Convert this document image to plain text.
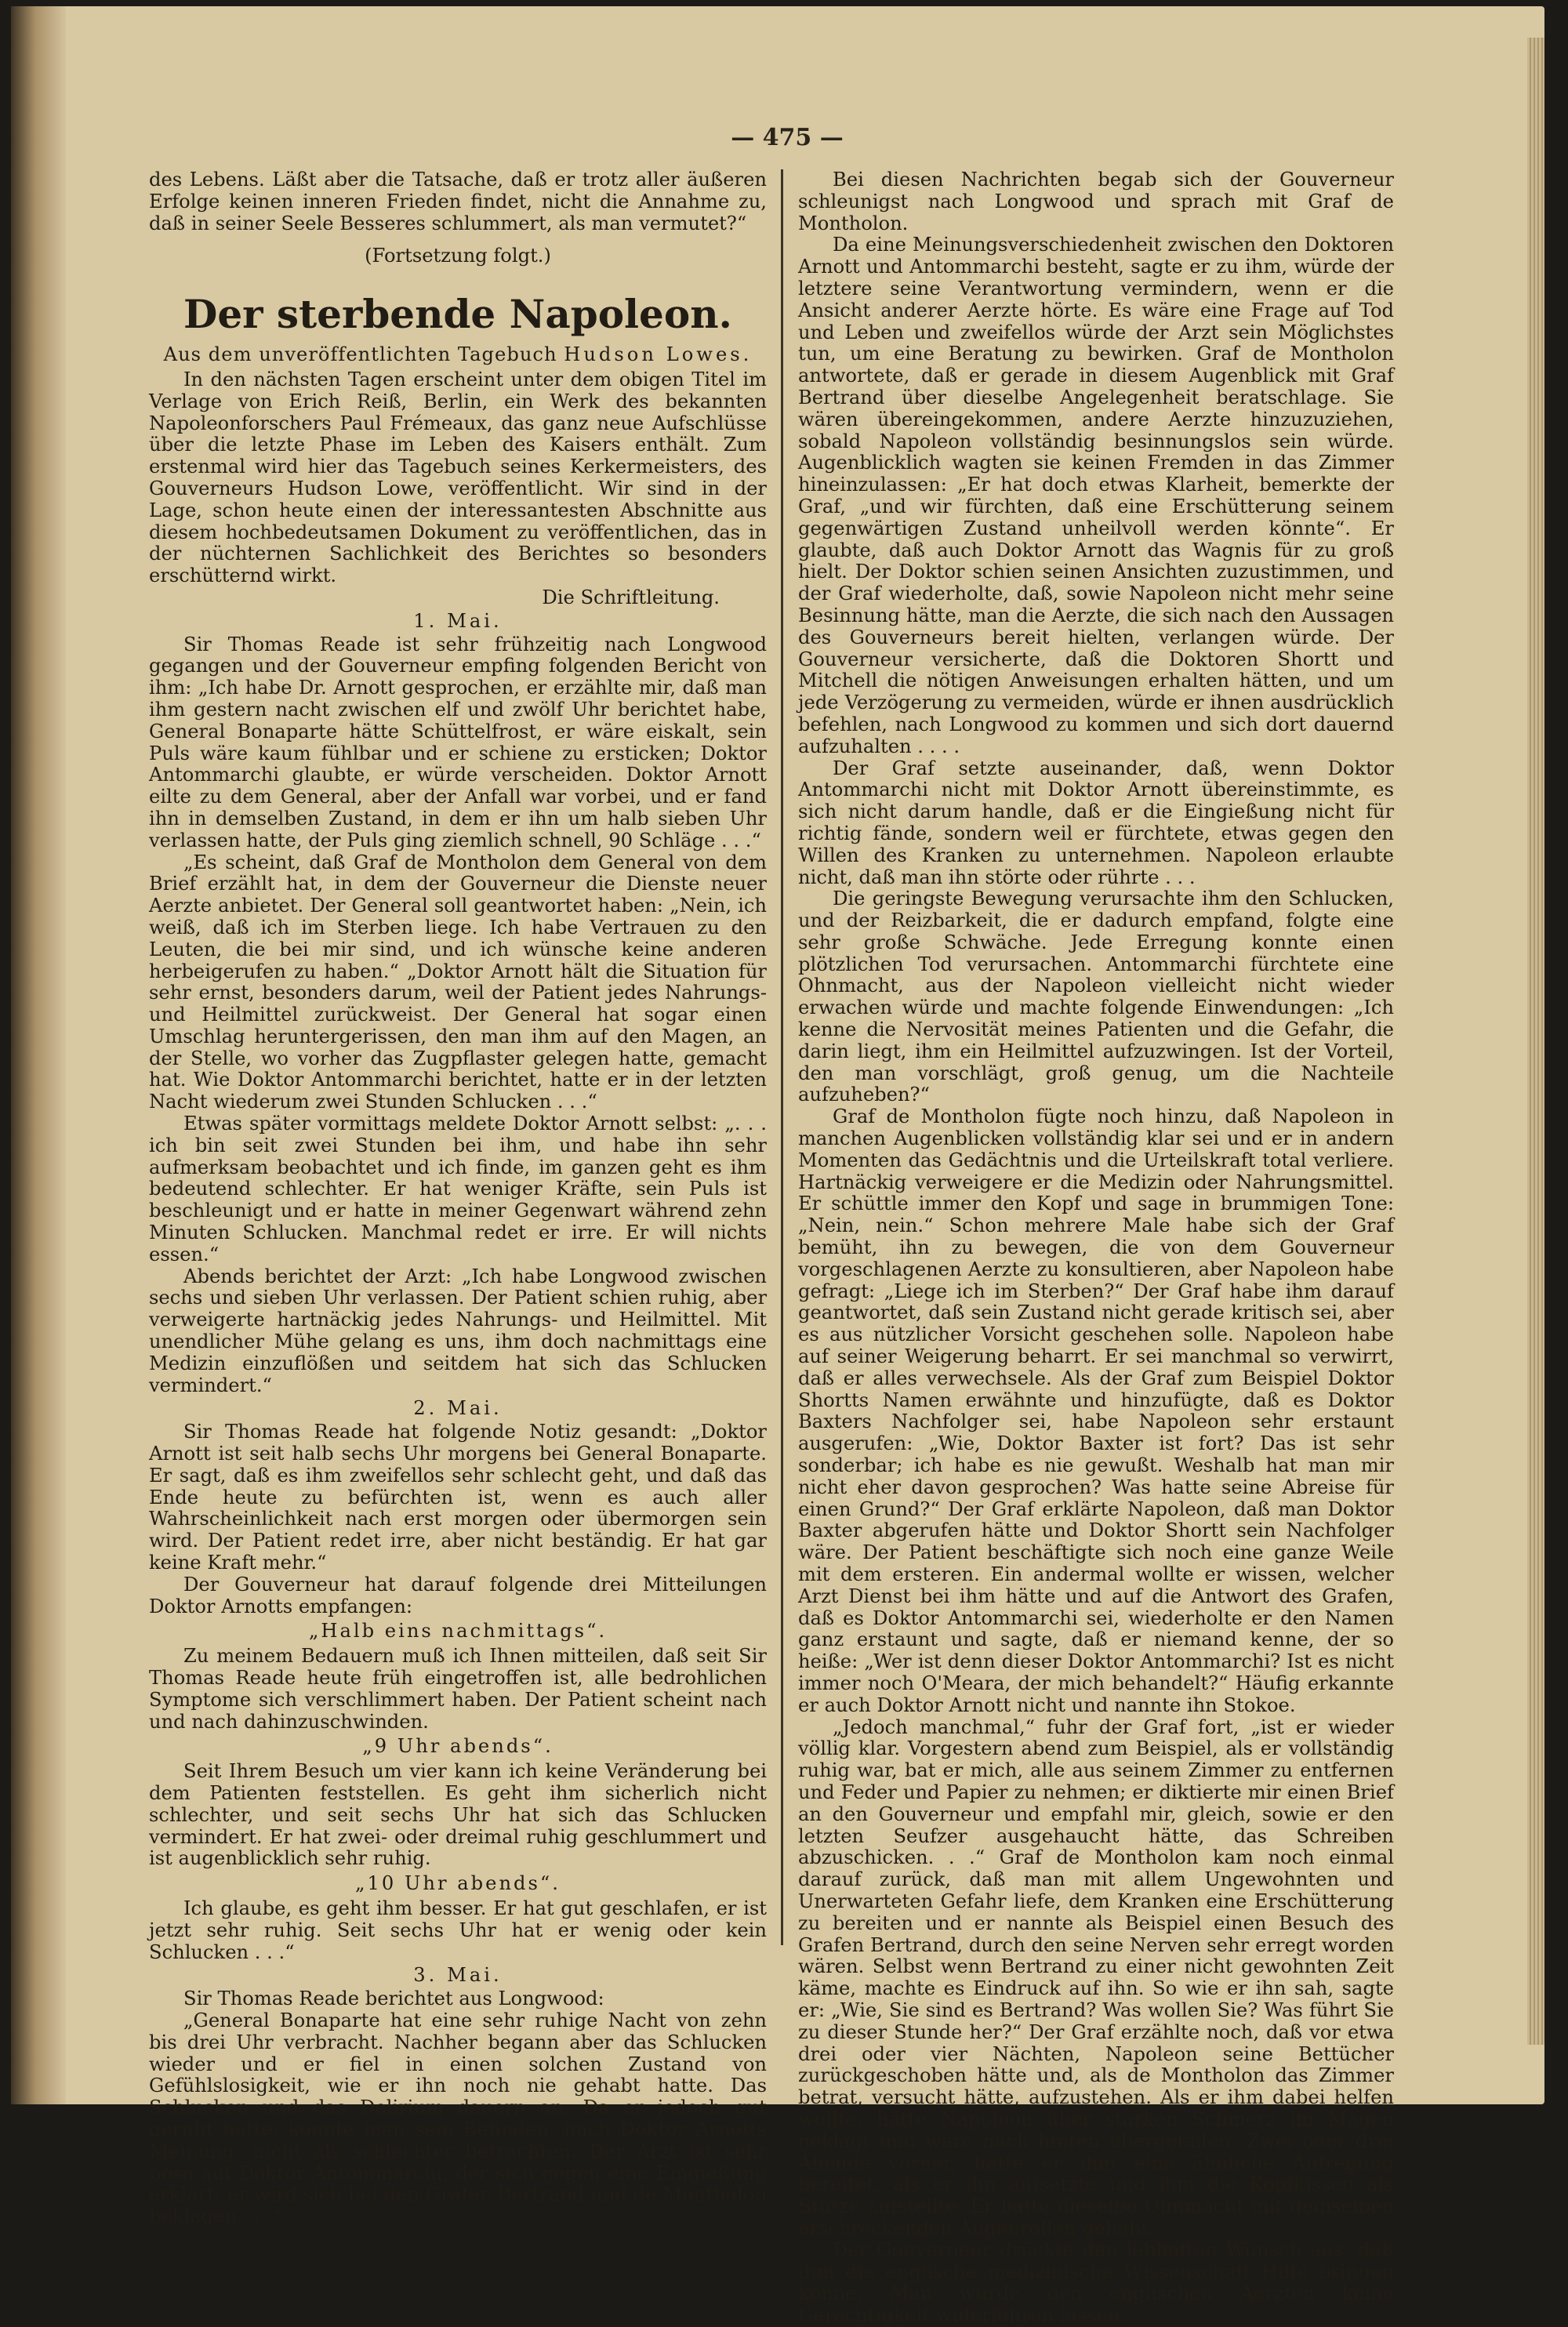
— 475 —

des Lebens. Läßt aber die Tatsache, daß er trotz aller äußeren Erfolge keinen inneren Frieden findet, nicht die Annahme zu, daß in seiner Seele Besseres schlummert, als man vermutet?“

(Fortsetzung folgt.)

Der sterbende Napoleon.
Aus dem unveröffentlichten Tagebuch Hudson Lowes.

In den nächsten Tagen erscheint unter dem obigen Titel im Verlage von Erich Reiß, Berlin, ein Werk des bekannten Napoleonforschers Paul Frémeaux, das ganz neue Aufschlüsse über die letzte Phase im Leben des Kaisers enthält. Zum erstenmal wird hier das Tagebuch seines Kerkermeisters, des Gouverneurs Hudson Lowe, veröffentlicht. Wir sind in der Lage, schon heute einen der interessantesten Abschnitte aus diesem hochbedeutsamen Dokument zu veröffentlichen, das in der nüchternen Sachlichkeit des Berichtes so besonders erschütternd wirkt.

Die Schriftleitung.

1. Mai.

Sir Thomas Reade ist sehr frühzeitig nach Longwood gegangen und der Gouverneur empfing folgenden Bericht von ihm: „Ich habe Dr. Arnott gesprochen, er erzählte mir, daß man ihm gestern nacht zwischen elf und zwölf Uhr berichtet habe, General Bonaparte hätte Schüttelfrost, er wäre eiskalt, sein Puls wäre kaum fühlbar und er schiene zu ersticken; Doktor Antommarchi glaubte, er würde verscheiden. Doktor Arnott eilte zu dem General, aber der Anfall war vorbei, und er fand ihn in demselben Zustand, in dem er ihn um halb sieben Uhr verlassen hatte, der Puls ging ziemlich schnell, 90 Schläge . . .“

„Es scheint, daß Graf de Montholon dem General von dem Brief erzählt hat, in dem der Gouverneur die Dienste neuer Aerzte anbietet. Der General soll geantwortet haben: „Nein, ich weiß, daß ich im Sterben liege. Ich habe Vertrauen zu den Leuten, die bei mir sind, und ich wünsche keine anderen herbeigerufen zu haben.“ „Doktor Arnott hält die Situation für sehr ernst, besonders darum, weil der Patient jedes Nahrungs- und Heilmittel zurückweist. Der General hat sogar einen Umschlag heruntergerissen, den man ihm auf den Magen, an der Stelle, wo vorher das Zugpflaster gelegen hatte, gemacht hat. Wie Doktor Antommarchi berichtet, hatte er in der letzten Nacht wiederum zwei Stunden Schlucken . . .“

Etwas später vormittags meldete Doktor Arnott selbst: „. . . ich bin seit zwei Stunden bei ihm, und habe ihn sehr aufmerksam beobachtet und ich finde, im ganzen geht es ihm bedeutend schlechter. Er hat weniger Kräfte, sein Puls ist beschleunigt und er hatte in meiner Gegenwart während zehn Minuten Schlucken. Manchmal redet er irre. Er will nichts essen.“

Abends berichtet der Arzt: „Ich habe Longwood zwischen sechs und sieben Uhr verlassen. Der Patient schien ruhig, aber verweigerte hartnäckig jedes Nahrungs- und Heilmittel. Mit unendlicher Mühe gelang es uns, ihm doch nachmittags eine Medizin einzuflößen und seitdem hat sich das Schlucken vermindert.“

2. Mai.

Sir Thomas Reade hat folgende Notiz gesandt: „Doktor Arnott ist seit halb sechs Uhr morgens bei General Bonaparte. Er sagt, daß es ihm zweifellos sehr schlecht geht, und daß das Ende heute zu befürchten ist, wenn es auch aller Wahrscheinlichkeit nach erst morgen oder übermorgen sein wird. Der Patient redet irre, aber nicht beständig. Er hat gar keine Kraft mehr.“

Der Gouverneur hat darauf folgende drei Mitteilungen Doktor Arnotts empfangen:

„Halb eins nachmittags“.

Zu meinem Bedauern muß ich Ihnen mitteilen, daß seit Sir Thomas Reade heute früh eingetroffen ist, alle bedrohlichen Symptome sich verschlimmert haben. Der Patient scheint nach und nach dahinzuschwinden.

„9 Uhr abends“.

Seit Ihrem Besuch um vier kann ich keine Veränderung bei dem Patienten feststellen. Es geht ihm sicherlich nicht schlechter, und seit sechs Uhr hat sich das Schlucken vermindert. Er hat zwei- oder dreimal ruhig geschlummert und ist augenblicklich sehr ruhig.

„10 Uhr abends“.

Ich glaube, es geht ihm besser. Er hat gut geschlafen, er ist jetzt sehr ruhig. Seit sechs Uhr hat er wenig oder kein Schlucken . . .“

3. Mai.

Sir Thomas Reade berichtet aus Longwood:

„General Bonaparte hat eine sehr ruhige Nacht von zehn bis drei Uhr verbracht. Nachher begann aber das Schlucken wieder und er fiel in einen solchen Zustand von Gefühlslosigkeit, wie er ihn noch nie gehabt hatte. Das Schlucken und das Delirium dauern an. Da er jedoch gut geruht hatte, konnte man sein Befinden, nach Doktor Arnotts Meinung, nicht als schlechter betrachten. Der Arzt ist sehr böse auf Doktor Antommarchi, der sich gegen eine Eingießung erklärt: er wird sich bei den Grafen Bertrand und de Montholon beklagen . . .“

Bei diesen Nachrichten begab sich der Gouverneur schleunigst nach Longwood und sprach mit Graf de Montholon.

Da eine Meinungsverschiedenheit zwischen den Doktoren Arnott und Antommarchi besteht, sagte er zu ihm, würde der letztere seine Verantwortung vermindern, wenn er die Ansicht anderer Aerzte hörte. Es wäre eine Frage auf Tod und Leben und zweifellos würde der Arzt sein Möglichstes tun, um eine Beratung zu bewirken. Graf de Montholon antwortete, daß er gerade in diesem Augenblick mit Graf Bertrand über dieselbe Angelegenheit beratschlage. Sie wären übereingekommen, andere Aerzte hinzuzuziehen, sobald Napoleon vollständig besinnungslos sein würde. Augenblicklich wagten sie keinen Fremden in das Zimmer hineinzulassen: „Er hat doch etwas Klarheit, bemerkte der Graf, „und wir fürchten, daß eine Erschütterung seinem gegenwärtigen Zustand unheilvoll werden könnte“. Er glaubte, daß auch Doktor Arnott das Wagnis für zu groß hielt. Der Doktor schien seinen Ansichten zuzustimmen, und der Graf wiederholte, daß, sowie Napoleon nicht mehr seine Besinnung hätte, man die Aerzte, die sich nach den Aussagen des Gouverneurs bereit hielten, verlangen würde. Der Gouverneur versicherte, daß die Doktoren Shortt und Mitchell die nötigen Anweisungen erhalten hätten, und um jede Verzögerung zu vermeiden, würde er ihnen ausdrücklich befehlen, nach Longwood zu kommen und sich dort dauernd aufzuhalten . . . .

Der Graf setzte auseinander, daß, wenn Doktor Antommarchi nicht mit Doktor Arnott übereinstimmte, es sich nicht darum handle, daß er die Eingießung nicht für richtig fände, sondern weil er fürchtete, etwas gegen den Willen des Kranken zu unternehmen. Napoleon erlaubte nicht, daß man ihn störte oder rührte . . .

Die geringste Bewegung verursachte ihm den Schlucken, und der Reizbarkeit, die er dadurch empfand, folgte eine sehr große Schwäche. Jede Erregung konnte einen plötzlichen Tod verursachen. Antommarchi fürchtete eine Ohnmacht, aus der Napoleon vielleicht nicht wieder erwachen würde und machte folgende Einwendungen: „Ich kenne die Nervosität meines Patienten und die Gefahr, die darin liegt, ihm ein Heilmittel aufzuzwingen. Ist der Vorteil, den man vorschlägt, groß genug, um die Nachteile aufzuheben?“

Graf de Montholon fügte noch hinzu, daß Napoleon in manchen Augenblicken vollständig klar sei und er in andern Momenten das Gedächtnis und die Urteilskraft total verliere. Hartnäckig verweigere er die Medizin oder Nahrungsmittel. Er schüttle immer den Kopf und sage in brummigen Tone: „Nein, nein.“ Schon mehrere Male habe sich der Graf bemüht, ihn zu bewegen, die von dem Gouverneur vorgeschlagenen Aerzte zu konsultieren, aber Napoleon habe gefragt: „Liege ich im Sterben?“ Der Graf habe ihm darauf geantwortet, daß sein Zustand nicht gerade kritisch sei, aber es aus nützlicher Vorsicht geschehen solle. Napoleon habe auf seiner Weigerung beharrt. Er sei manchmal so verwirrt, daß er alles verwechsele. Als der Graf zum Beispiel Doktor Shortts Namen erwähnte und hinzufügte, daß es Doktor Baxters Nachfolger sei, habe Napoleon sehr erstaunt ausgerufen: „Wie, Doktor Baxter ist fort? Das ist sehr sonderbar; ich habe es nie gewußt. Weshalb hat man mir nicht eher davon gesprochen? Was hatte seine Abreise für einen Grund?“ Der Graf erklärte Napoleon, daß man Doktor Baxter abgerufen hätte und Doktor Shortt sein Nachfolger wäre. Der Patient beschäftigte sich noch eine ganze Weile mit dem ersteren. Ein andermal wollte er wissen, welcher Arzt Dienst bei ihm hätte und auf die Antwort des Grafen, daß es Doktor Antommarchi sei, wiederholte er den Namen ganz erstaunt und sagte, daß er niemand kenne, der so heiße: „Wer ist denn dieser Doktor Antommarchi? Ist es nicht immer noch O'Meara, der mich behandelt?“ Häufig erkannte er auch Doktor Arnott nicht und nannte ihn Stokoe.

„Jedoch manchmal,“ fuhr der Graf fort, „ist er wieder völlig klar. Vorgestern abend zum Beispiel, als er vollständig ruhig war, bat er mich, alle aus seinem Zimmer zu entfernen und Feder und Papier zu nehmen; er diktierte mir einen Brief an den Gouverneur und empfahl mir, gleich, sowie er den letzten Seufzer ausgehaucht hätte, das Schreiben abzuschicken. . .“ Graf de Montholon kam noch einmal darauf zurück, daß man mit allem Ungewohnten und Unerwarteten Gefahr liefe, dem Kranken eine Erschütterung zu bereiten und er nannte als Beispiel einen Besuch des Grafen Bertrand, durch den seine Nerven sehr erregt worden wären. Selbst wenn Bertrand zu einer nicht gewohnten Zeit käme, machte es Eindruck auf ihn. So wie er ihn sah, sagte er: „Wie, Sie sind es Bertrand? Was wollen Sie? Was führt Sie zu dieser Stunde her?“ Der Graf erzählte noch, daß vor etwa drei oder vier Nächten, Napoleon seine Bettücher zurückgeschoben hätte und, als de Montholon das Zimmer betrat, versucht hätte, aufzustehen. Als er ihm dabei helfen wollte, hätte Napoleon über starken Schmerz im Magen geklagt und wäre nach hinten übergefallen. Zwei oder drei Abende vorher, hatte er ihm eine ähnliche Aufregung bereitet, als er ihn aufsetzte und ihm die Kopfkissen als Stütze aufstellte. Er hatte dieselbe Ohnmacht mit demselben erschreckenden Augenrollen gehabt.

Der Gouverneur drückte den lebhaften Wunsch aus, daß ihm die englische medizinische Wissenschaft Hilfe bringen könne. Man würde den englischen Aerzten keine Gerechtigkeit widerfahren lassen,
